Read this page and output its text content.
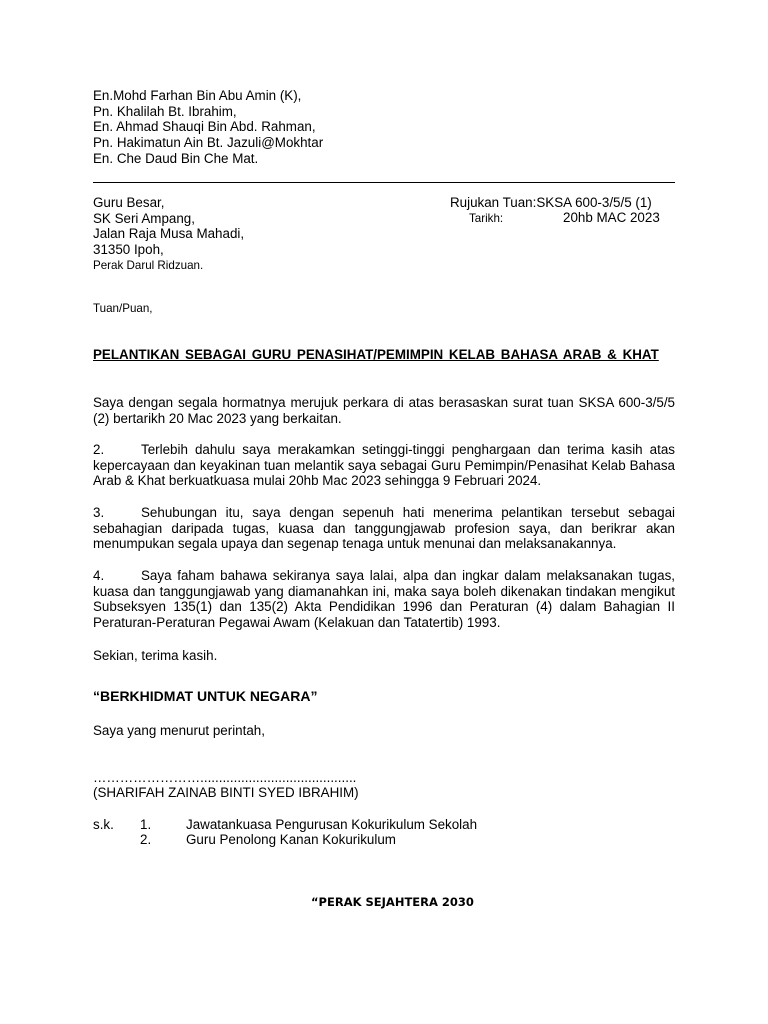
En.Mohd Farhan Bin Abu Amin (K),
Pn. Khalilah Bt. Ibrahim,
En. Ahmad Shauqi Bin Abd. Rahman,
Pn. Hakimatun Ain Bt. Jazuli@Mokhtar
En. Che Daud Bin Che Mat.
Guru Besar,
SK Seri Ampang,
Jalan Raja Musa Mahadi,
31350 Ipoh,
Perak Darul Ridzuan.
Rujukan Tuan:SKSA 600-3/5/5 (1)
Tarikh:	20hb MAC 2023
Tuan/Puan,
PELANTIKAN SEBAGAI GURU PENASIHAT/PEMIMPIN KELAB BAHASA ARAB & KHAT
Saya dengan segala hormatnya merujuk perkara di atas berasaskan surat tuan SKSA 600-3/5/5 (2) bertarikh 20 Mac 2023 yang berkaitan.
2.	Terlebih dahulu saya merakamkan setinggi-tinggi penghargaan dan terima kasih atas kepercayaan dan keyakinan tuan melantik saya sebagai Guru Pemimpin/Penasihat Kelab Bahasa Arab & Khat berkuatkuasa mulai 20hb Mac 2023 sehingga 9 Februari 2024.
3.	Sehubungan itu, saya dengan sepenuh hati menerima pelantikan tersebut sebagai sebahagian daripada tugas, kuasa dan tanggungjawab profesion saya, dan berikrar akan menumpukan segala upaya dan segenap tenaga untuk menunai dan melaksanakannya.
4.	Saya faham bahawa sekiranya saya lalai, alpa dan ingkar dalam melaksanakan tugas, kuasa dan tanggungjawab yang diamanahkan ini, maka saya boleh dikenakan tindakan mengikut Subseksyen 135(1) dan 135(2) Akta Pendidikan 1996 dan Peraturan (4) dalam Bahagian II Peraturan-Peraturan Pegawai Awam (Kelakuan dan Tatatertib) 1993.
Sekian, terima kasih.
“BERKHIDMAT UNTUK NEGARA”
Saya yang menurut perintah,
……………………..........................................
(SHARIFAH ZAINAB BINTI SYED IBRAHIM)
s.k. 1.	Jawatankuasa Pengurusan Kokurikulum Sekolah
2.	Guru Penolong Kanan Kokurikulum
“PERAK SEJAHTERA 2030
